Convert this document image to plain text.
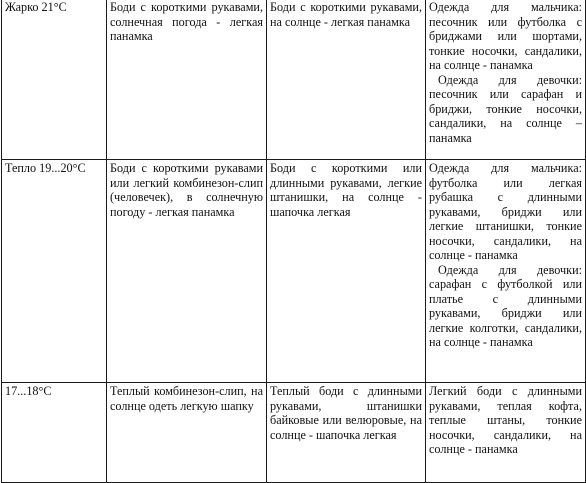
Жарко 21°С	Боди с короткими рукавами, солнечная погода - легкая панамка	Боди с короткими рукавами, на солнце - легкая панамка	Одежда для мальчика: песочник или футболка с бриджами или шортами, тонкие носочки, сандалики, на солнце - панамка
Одежда для девочки: песочник или сарафан и бриджи, тонкие носочки, сандалики, на солнце – панамка

Тепло 19...20°С	Боди с короткими рукавами или легкий комбинезон-слип (человечек), в солнечную погоду - легкая панамка	Боди с короткими или длинными рукавами, легкие штанишки, на солнце - шапочка легкая	Одежда для мальчика: футболка или легкая рубашка с длинными рукавами, бриджи или легкие штанишки, тонкие носочки, сандалики, на солнце - панамка
Одежда для девочки: сарафан с футболкой или платье с длинными рукавами, бриджи или легкие колготки, сандалики, на солнце - панамка

17...18°С	Теплый комбинезон-слип, на солнце одеть легкую шапку	Теплый боди с длинными рукавами, штанишки байковые или велюровые, на солнце - шапочка легкая	Легкий боди с длинными рукавами, теплая кофта, теплые штаны, тонкие носочки, сандалики, на солнце - панамка
